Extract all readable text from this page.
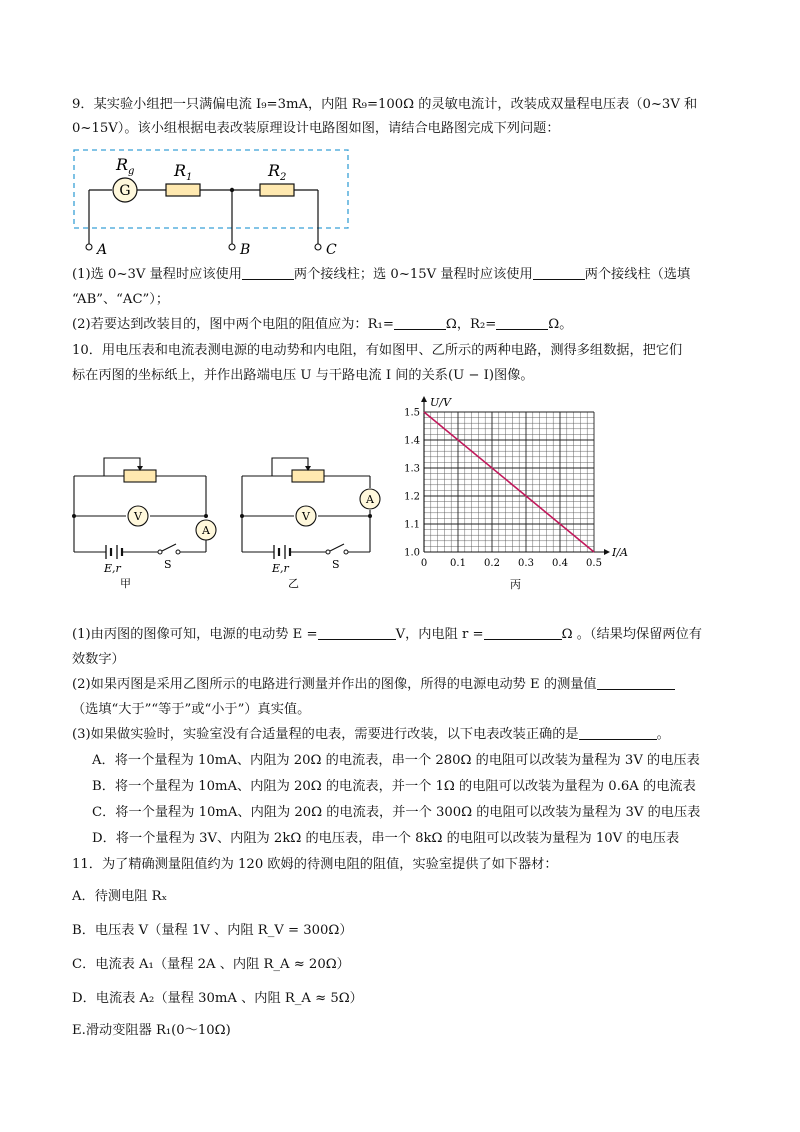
9．某实验小组把一只满偏电流 I₉=3mA，内阻 R₉=100Ω 的灵敏电流计，改装成双量程电压表（0~3V 和
0~15V）。该小组根据电表改装原理设计电路图如图，请结合电路图完成下列问题：
G
$R_g$ $R_1$	$R_2$
A	B	C
(1)选 0~3V 量程时应该使用	两个接线柱；选 0~15V 量程时应该使用	两个接线柱（选填
“AB”、“AC”）；
(2)若要达到改装目的，图中两个电阻的阻值应为：R₁=	Ω，R₂=	Ω。
10．用电压表和电流表测电源的电动势和内电阻，有如图甲、乙所示的两种电路，测得多组数据，把它们
标在丙图的坐标纸上，并作出路端电压 U 与干路电流 I 间的关系(U − I)图像。
V
A
E,r	S
甲
A
V
E,r	S
乙
0 0.1 0.2 0.3 0.4 0.5
1.0
1.1
1.2
1.3
1.4
1.5
U/V
I/A
丙
(1)由丙图的图像可知，电源的电动势 E =	V，内电阻 r =	Ω 。（结果均保留两位有
效数字）
(2)如果丙图是采用乙图所示的电路进行测量并作出的图像，所得的电源电动势 E 的测量值
（选填“大于”“等于”或“小于”）真实值。
(3)如果做实验时，实验室没有合适量程的电表，需要进行改装，以下电表改装正确的是	。
A．将一个量程为 10mA、内阻为 20Ω 的电流表，串一个 280Ω 的电阻可以改装为量程为 3V 的电压表
B．将一个量程为 10mA、内阻为 20Ω 的电流表，并一个 1Ω 的电阻可以改装为量程为 0.6A 的电流表
C．将一个量程为 10mA、内阻为 20Ω 的电流表，并一个 300Ω 的电阻可以改装为量程为 3V 的电压表
D．将一个量程为 3V、内阻为 2kΩ 的电压表，串一个 8kΩ 的电阻可以改装为量程为 10V 的电压表
11．为了精确测量阻值约为 120 欧姆的待测电阻的阻值，实验室提供了如下器材：
A．待测电阻 Rₓ
B．电压表 V（量程 1V 、内阻 R_V = 300Ω）
C．电流表 A₁（量程 2A 、内阻 R_A ≈ 20Ω）
D．电流表 A₂（量程 30mA 、内阻 R_A ≈ 5Ω）
E.滑动变阻器 R₁(0～10Ω)
